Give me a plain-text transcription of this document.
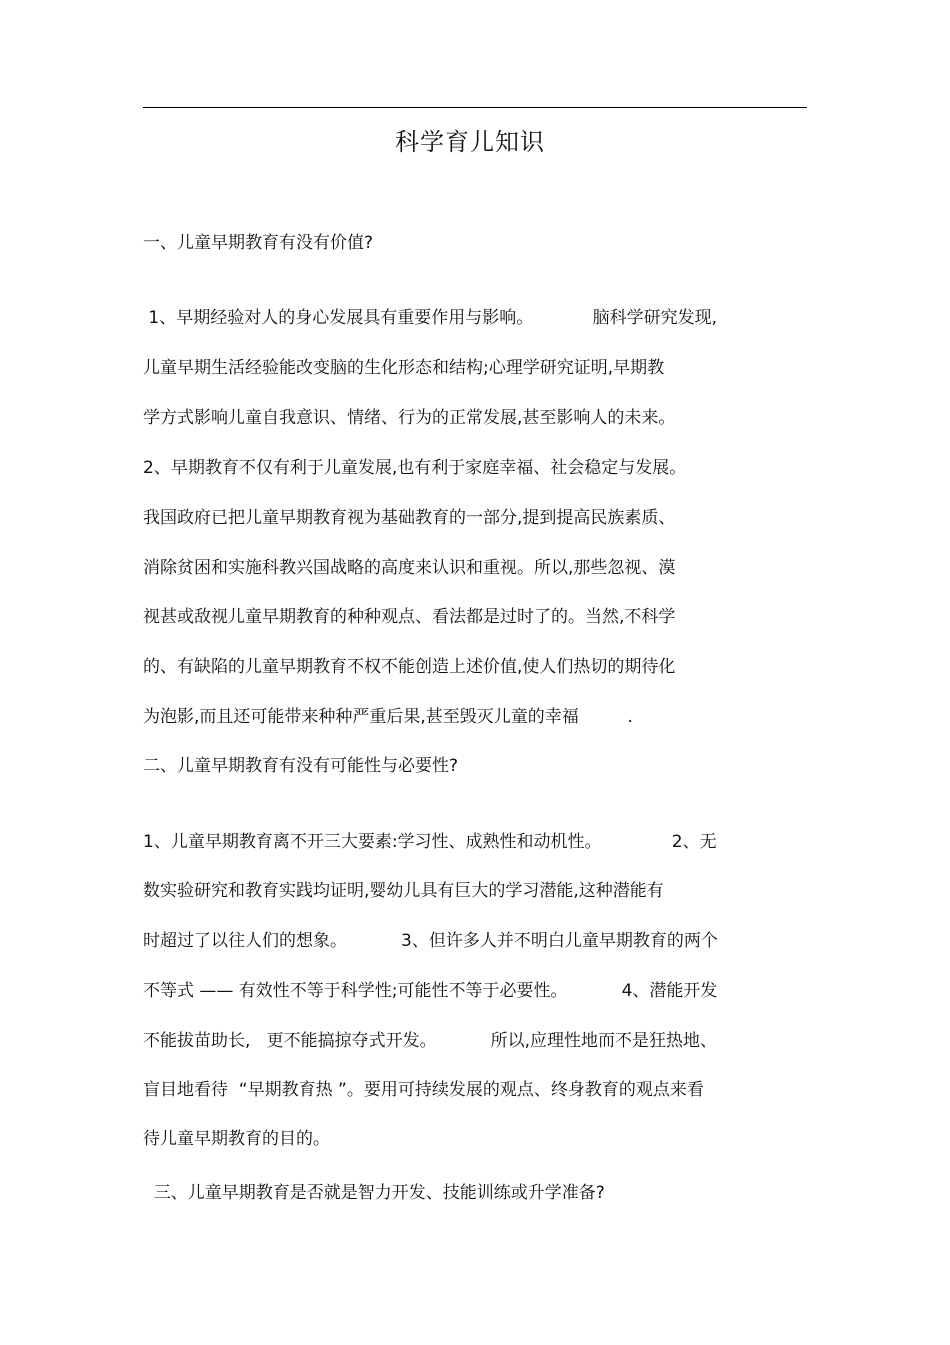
科学育儿知识
一、儿童早期教育有没有价值?
1、早期经验对人的身心发展具有重要作用与影响。           脑科学研究发现,
儿童早期生活经验能改变脑的生化形态和结构;心理学研究证明,早期教
学方式影响儿童自我意识、情绪、行为的正常发展,甚至影响人的未来。
2、早期教育不仅有利于儿童发展,也有利于家庭幸福、社会稳定与发展。
我国政府已把儿童早期教育视为基础教育的一部分,提到提高民族素质、
消除贫困和实施科教兴国战略的高度来认识和重视。所以,那些忽视、漠
视甚或敌视儿童早期教育的种种观点、看法都是过时了的。当然,不科学
的、有缺陷的儿童早期教育不权不能创造上述价值,使人们热切的期待化
为泡影,而且还可能带来种种严重后果,甚至毁灭儿童的幸福         .
二、儿童早期教育有没有可能性与必要性?
1、儿童早期教育离不开三大要素:学习性、成熟性和动机性。             2、无
数实验研究和教育实践均证明,婴幼儿具有巨大的学习潜能,这种潜能有
时超过了以往人们的想象。          3、但许多人并不明白儿童早期教育的两个
不等式 —— 有效性不等于科学性;可能性不等于必要性。          4、潜能开发
不能拔苗助长,   更不能搞掠夺式开发。          所以,应理性地而不是狂热地、
盲目地看待  “早期教育热 ”。要用可持续发展的观点、终身教育的观点来看
待儿童早期教育的目的。
三、儿童早期教育是否就是智力开发、技能训练或升学准备?
